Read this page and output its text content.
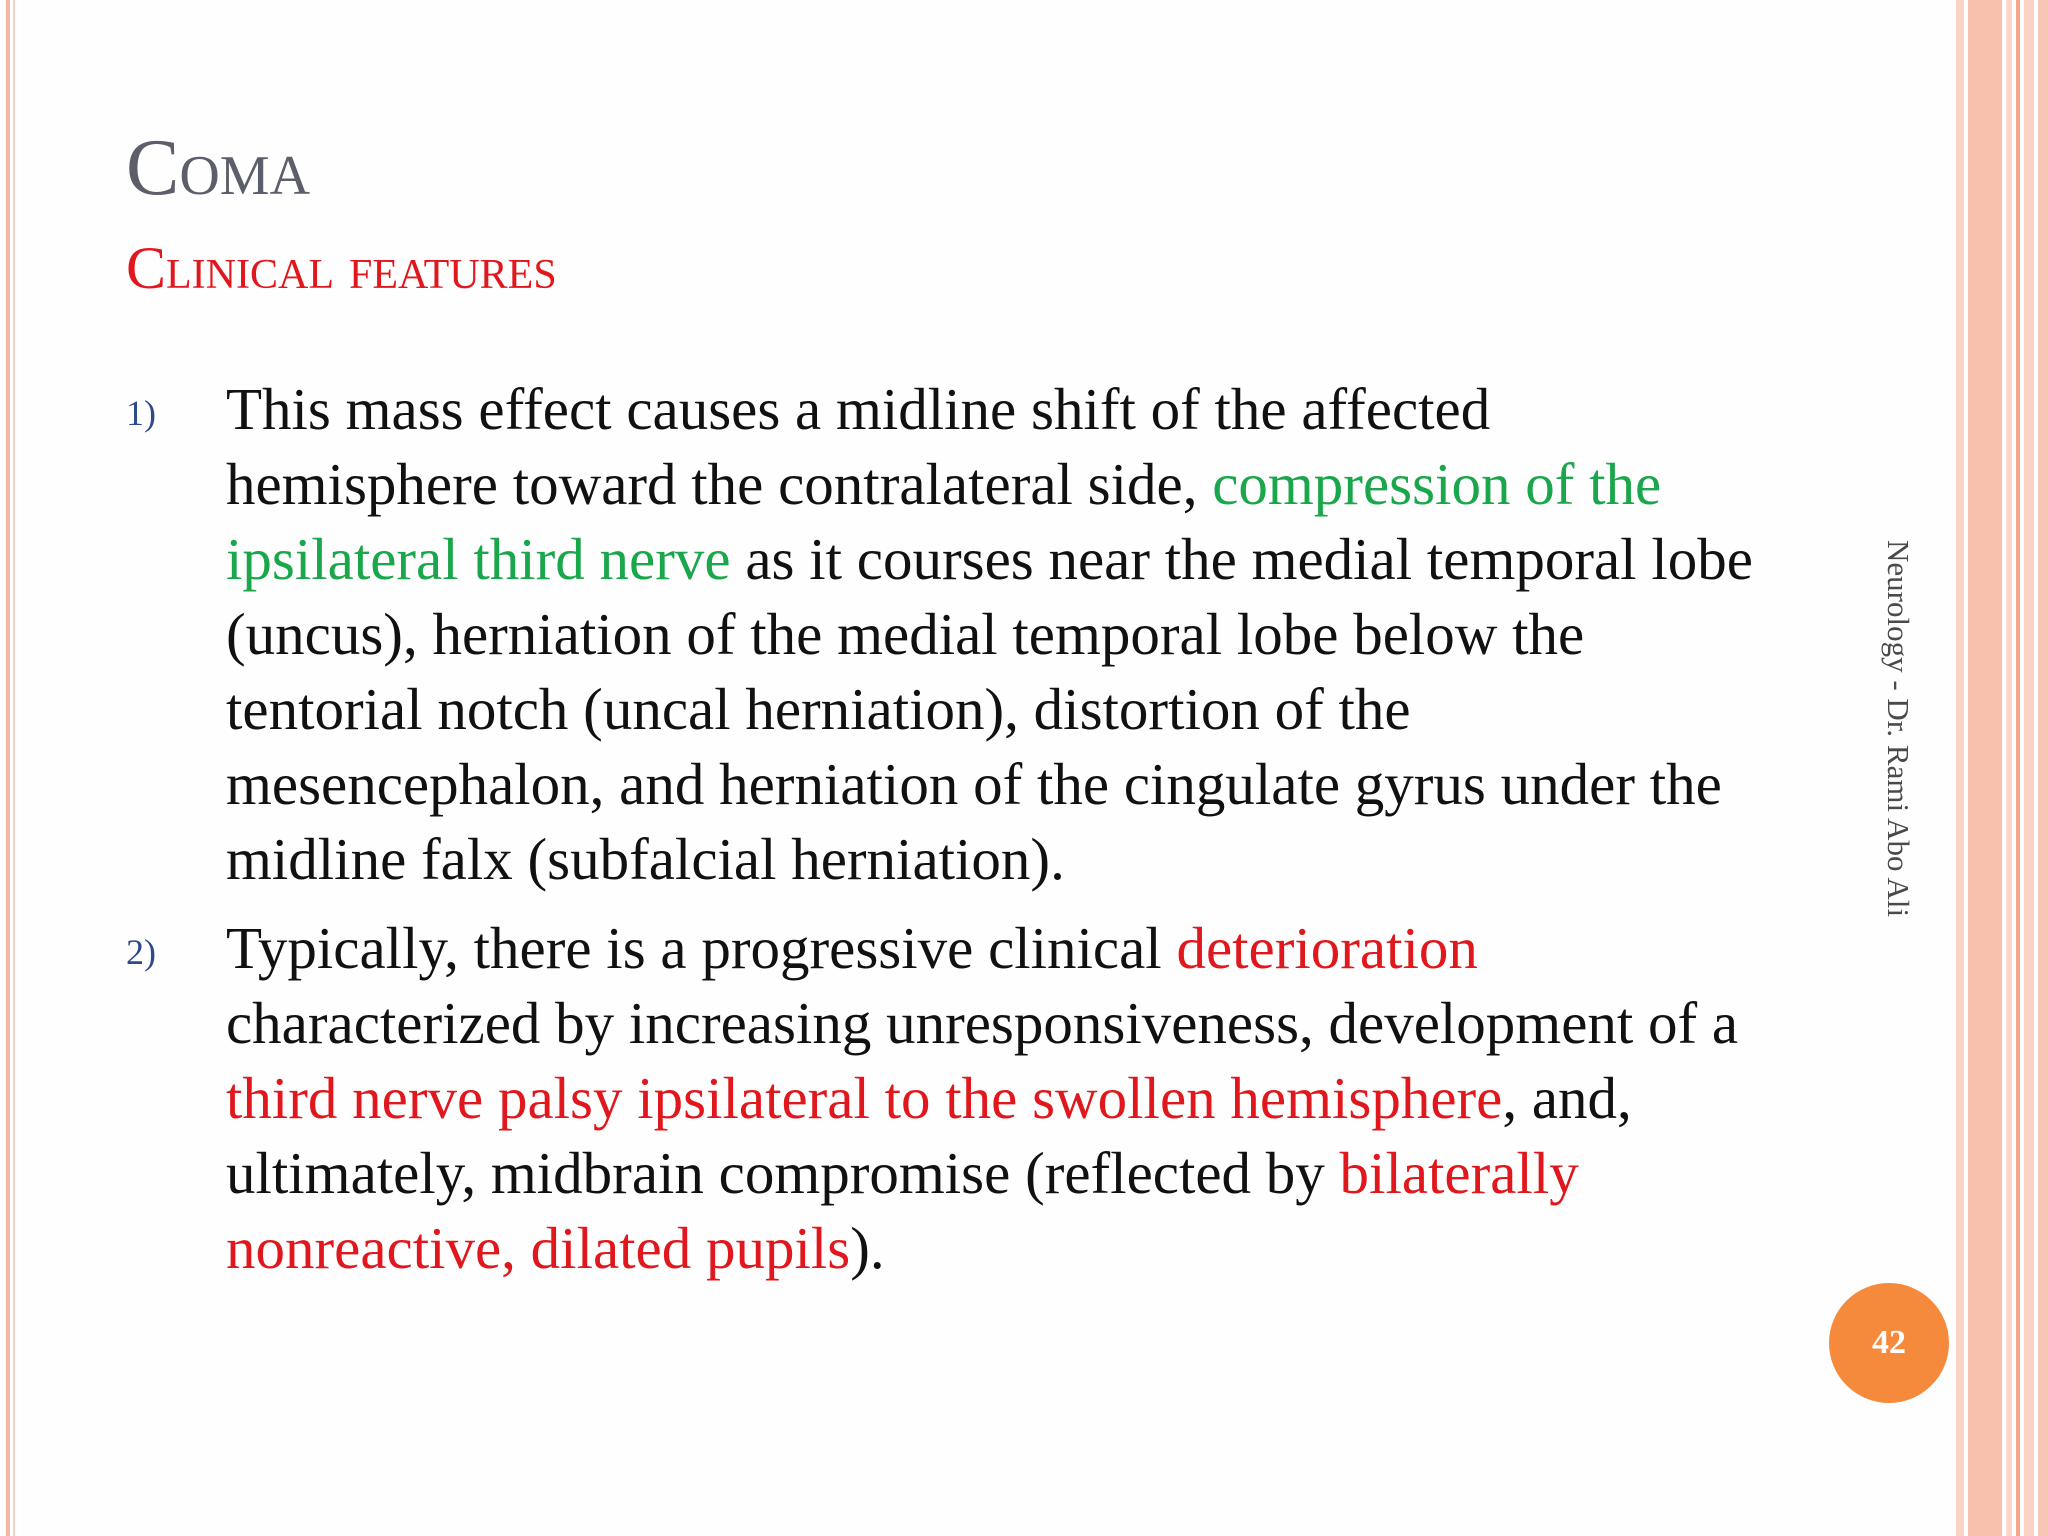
Coma
Clinical features
1) This mass effect causes a midline shift of the affected hemisphere toward the contralateral side, compression of the ipsilateral third nerve as it courses near the medial temporal lobe (uncus), herniation of the medial temporal lobe below the tentorial notch (uncal herniation), distortion of the mesencephalon, and herniation of the cingulate gyrus under the midline falx (subfalcial herniation).
2) Typically, there is a progressive clinical deterioration characterized by increasing unresponsiveness, development of a third nerve palsy ipsilateral to the swollen hemisphere, and, ultimately, midbrain compromise (reflected by bilaterally nonreactive, dilated pupils).
Neurology - Dr. Rami Abo Ali
42
